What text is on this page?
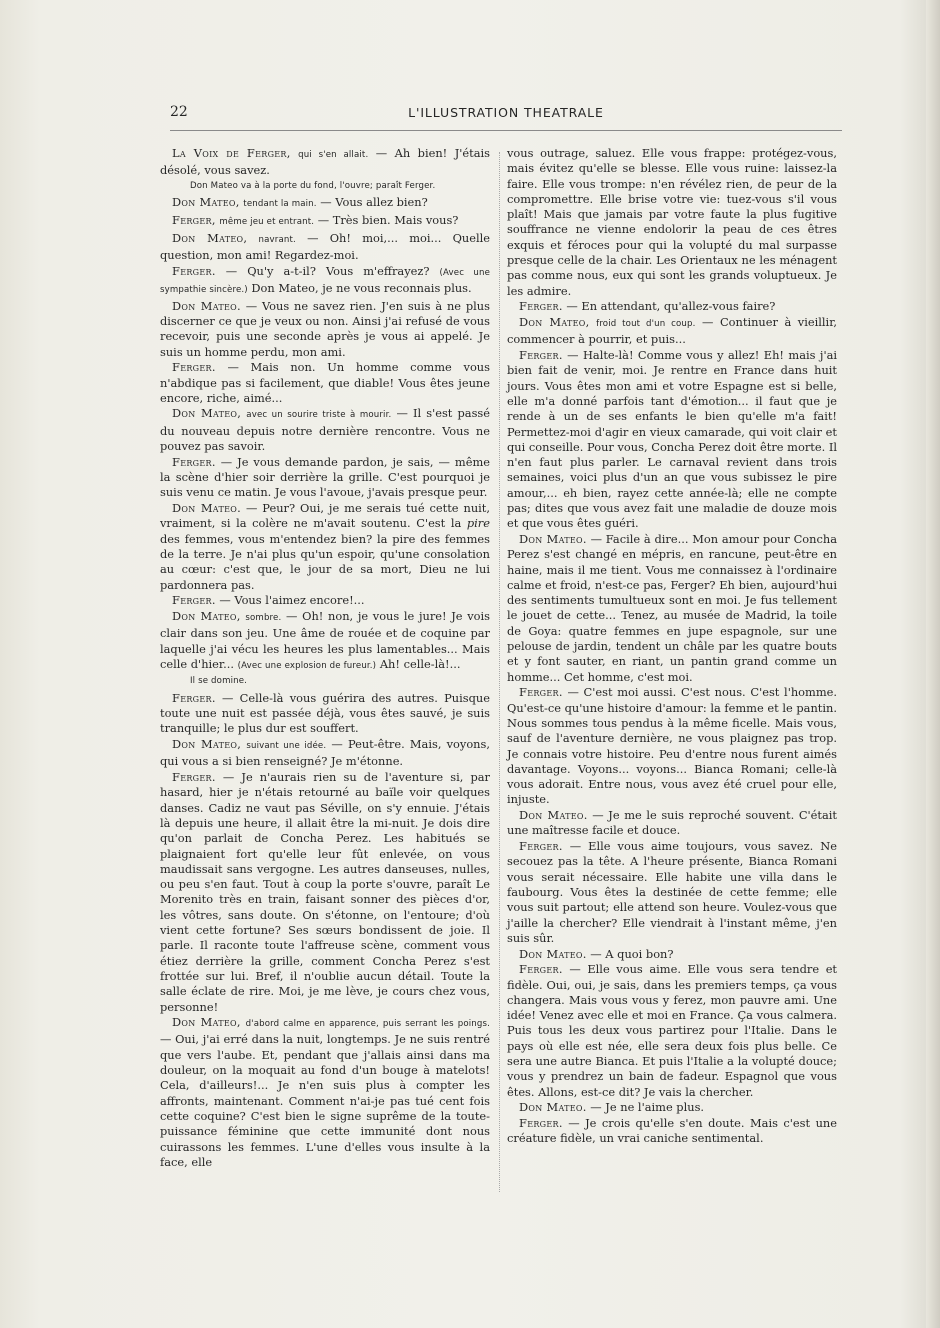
22	L'ILLUSTRATION THEATRALE

La Voix de Ferger, qui s'en allait. — Ah bien! J'étais désolé, vous savez.

Don Mateo va à la porte du fond, l'ouvre; paraît Ferger.

Don Mateo, tendant la main. — Vous allez bien?

Ferger, même jeu et entrant. — Très bien. Mais vous?

Don Mateo, navrant. — Oh! moi,... moi... Quelle question, mon ami! Regardez-moi.

Ferger. — Qu'y a-t-il? Vous m'effrayez? (Avec une sympathie sincère.) Don Mateo, je ne vous reconnais plus.

Don Mateo. — Vous ne savez rien. J'en suis à ne plus discerner ce que je veux ou non. Ainsi j'ai refusé de vous recevoir, puis une seconde après je vous ai appelé. Je suis un homme perdu, mon ami.

Ferger. — Mais non. Un homme comme vous n'abdique pas si facilement, que diable! Vous êtes jeune encore, riche, aimé...

Don Mateo, avec un sourire triste à mourir. — Il s'est passé du nouveau depuis notre dernière rencontre. Vous ne pouvez pas savoir.

Ferger. — Je vous demande pardon, je sais, — même la scène d'hier soir derrière la grille. C'est pourquoi je suis venu ce matin. Je vous l'avoue, j'avais presque peur.

Don Mateo. — Peur? Oui, je me serais tué cette nuit, vraiment, si la colère ne m'avait soutenu. C'est la pire des femmes, vous m'entendez bien? la pire des femmes de la terre. Je n'ai plus qu'un espoir, qu'une consolation au cœur: c'est que, le jour de sa mort, Dieu ne lui pardonnera pas.

Ferger. — Vous l'aimez encore!...

Don Mateo, sombre. — Oh! non, je vous le jure! Je vois clair dans son jeu. Une âme de rouée et de coquine par laquelle j'ai vécu les heures les plus lamentables... Mais celle d'hier... (Avec une explosion de fureur.) Ah! celle-là!...

Il se domine.

Ferger. — Celle-là vous guérira des autres. Puisque toute une nuit est passée déjà, vous êtes sauvé, je suis tranquille; le plus dur est souffert.

Don Mateo, suivant une idée. — Peut-être. Mais, voyons, qui vous a si bien renseigné? Je m'étonne.

Ferger. — Je n'aurais rien su de l'aventure si, par hasard, hier je n'étais retourné au baïle voir quelques danses. Cadiz ne vaut pas Séville, on s'y ennuie. J'étais là depuis une heure, il allait être la mi-nuit. Je dois dire qu'on parlait de Concha Perez. Les habitués se plaignaient fort qu'elle leur fût enlevée, on vous maudissait sans vergogne. Les autres danseuses, nulles, ou peu s'en faut. Tout à coup la porte s'ouvre, paraît Le Morenito très en train, faisant sonner des pièces d'or, les vôtres, sans doute. On s'étonne, on l'entoure; d'où vient cette fortune? Ses sœurs bondissent de joie. Il parle. Il raconte toute l'affreuse scène, comment vous étiez derrière la grille, comment Concha Perez s'est frottée sur lui. Bref, il n'oublie aucun détail. Toute la salle éclate de rire. Moi, je me lève, je cours chez vous, personne!

Don Mateo, d'abord calme en apparence, puis serrant les poings. — Oui, j'ai erré dans la nuit, longtemps. Je ne suis rentré que vers l'aube. Et, pendant que j'allais ainsi dans ma douleur, on la moquait au fond d'un bouge à matelots! Cela, d'ailleurs!... Je n'en suis plus à compter les affronts, maintenant. Comment n'ai-je pas tué cent fois cette coquine? C'est bien le signe suprême de la toute-puissance féminine que cette immunité dont nous cuirassons les femmes. L'une d'elles vous insulte à la face, elle

vous outrage, saluez. Elle vous frappe: protégez-vous, mais évitez qu'elle se blesse. Elle vous ruine: laissez-la faire. Elle vous trompe: n'en révélez rien, de peur de la compromettre. Elle brise votre vie: tuez-vous s'il vous plaît! Mais que jamais par votre faute la plus fugitive souffrance ne vienne endolorir la peau de ces êtres exquis et féroces pour qui la volupté du mal surpasse presque celle de la chair. Les Orientaux ne les ménagent pas comme nous, eux qui sont les grands voluptueux. Je les admire.

Ferger. — En attendant, qu'allez-vous faire?

Don Mateo, froid tout d'un coup. — Continuer à vieillir, commencer à pourrir, et puis...

Ferger. — Halte-là! Comme vous y allez! Eh! mais j'ai bien fait de venir, moi. Je rentre en France dans huit jours. Vous êtes mon ami et votre Espagne est si belle, elle m'a donné parfois tant d'émotion... il faut que je rende à un de ses enfants le bien qu'elle m'a fait! Permettez-moi d'agir en vieux camarade, qui voit clair et qui conseille. Pour vous, Concha Perez doit être morte. Il n'en faut plus parler. Le carnaval revient dans trois semaines, voici plus d'un an que vous subissez le pire amour,... eh bien, rayez cette année-là; elle ne compte pas; dites que vous avez fait une maladie de douze mois et que vous êtes guéri.

Don Mateo. — Facile à dire... Mon amour pour Concha Perez s'est changé en mépris, en rancune, peut-être en haine, mais il me tient. Vous me connaissez à l'ordinaire calme et froid, n'est-ce pas, Ferger? Eh bien, aujourd'hui des sentiments tumultueux sont en moi. Je fus tellement le jouet de cette... Tenez, au musée de Madrid, la toile de Goya: quatre femmes en jupe espagnole, sur une pelouse de jardin, tendent un châle par les quatre bouts et y font sauter, en riant, un pantin grand comme un homme... Cet homme, c'est moi.

Ferger. — C'est moi aussi. C'est nous. C'est l'homme. Qu'est-ce qu'une histoire d'amour: la femme et le pantin. Nous sommes tous pendus à la même ficelle. Mais vous, sauf de l'aventure dernière, ne vous plaignez pas trop. Je connais votre histoire. Peu d'entre nous furent aimés davantage. Voyons... voyons... Bianca Romani; celle-là vous adorait. Entre nous, vous avez été cruel pour elle, injuste.

Don Mateo. — Je me le suis reproché souvent. C'était une maîtresse facile et douce.

Ferger. — Elle vous aime toujours, vous savez. Ne secouez pas la tête. A l'heure présente, Bianca Romani vous serait nécessaire. Elle habite une villa dans le faubourg. Vous êtes la destinée de cette femme; elle vous suit partout; elle attend son heure. Voulez-vous que j'aille la chercher? Elle viendrait à l'instant même, j'en suis sûr.

Don Mateo. — A quoi bon?

Ferger. — Elle vous aime. Elle vous sera tendre et fidèle. Oui, oui, je sais, dans les premiers temps, ça vous changera. Mais vous vous y ferez, mon pauvre ami. Une idée! Venez avec elle et moi en France. Ça vous calmera. Puis tous les deux vous partirez pour l'Italie. Dans le pays où elle est née, elle sera deux fois plus belle. Ce sera une autre Bianca. Et puis l'Italie a la volupté douce; vous y prendrez un bain de fadeur. Espagnol que vous êtes. Allons, est-ce dit? Je vais la chercher.

Don Mateo. — Je ne l'aime plus.

Ferger. — Je crois qu'elle s'en doute. Mais c'est une créature fidèle, un vrai caniche sentimental.
